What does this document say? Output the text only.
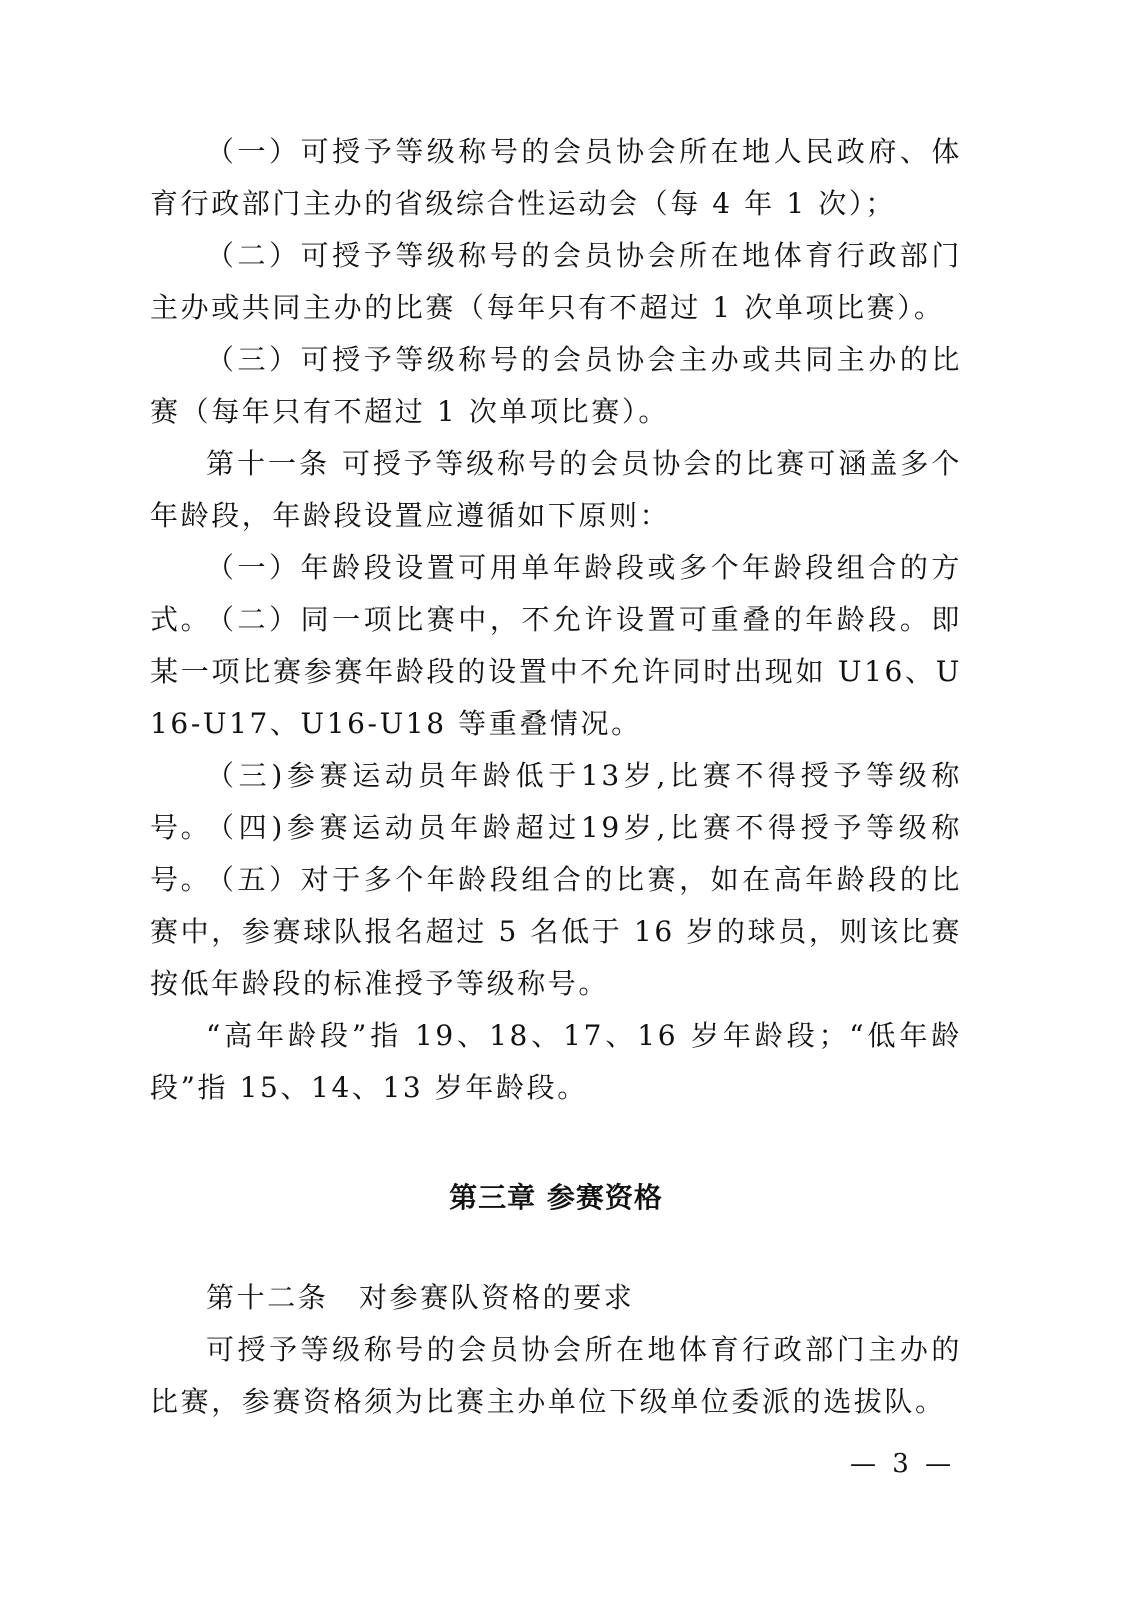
（一）可授予等级称号的会员协会所在地人民政府、体育行政部门主办的省级综合性运动会（每 4 年 1 次）；

（二）可授予等级称号的会员协会所在地体育行政部门主办或共同主办的比赛（每年只有不超过 1 次单项比赛）。

（三）可授予等级称号的会员协会主办或共同主办的比赛（每年只有不超过 1 次单项比赛）。

第十一条 可授予等级称号的会员协会的比赛可涵盖多个年龄段，年龄段设置应遵循如下原则：

（一）年龄段设置可用单年龄段或多个年龄段组合的方式。

（二）同一项比赛中，不允许设置可重叠的年龄段。即某一项比赛参赛年龄段的设置中不允许同时出现如 U16、U16-U17、U16-U18 等重叠情况。

（三)参赛运动员年龄低于13岁,比赛不得授予等级称号。

（四)参赛运动员年龄超过19岁,比赛不得授予等级称号。

（五）对于多个年龄段组合的比赛，如在高年龄段的比赛中，参赛球队报名超过 5 名低于 16 岁的球员，则该比赛按低年龄段的标准授予等级称号。

“高年龄段”指 19、18、17、16 岁年龄段；“低年龄段”指 15、14、13 岁年龄段。

第三章 参赛资格

第十二条　对参赛队资格的要求

可授予等级称号的会员协会所在地体育行政部门主办的比赛，参赛资格须为比赛主办单位下级单位委派的选拔队。

— 3 —
